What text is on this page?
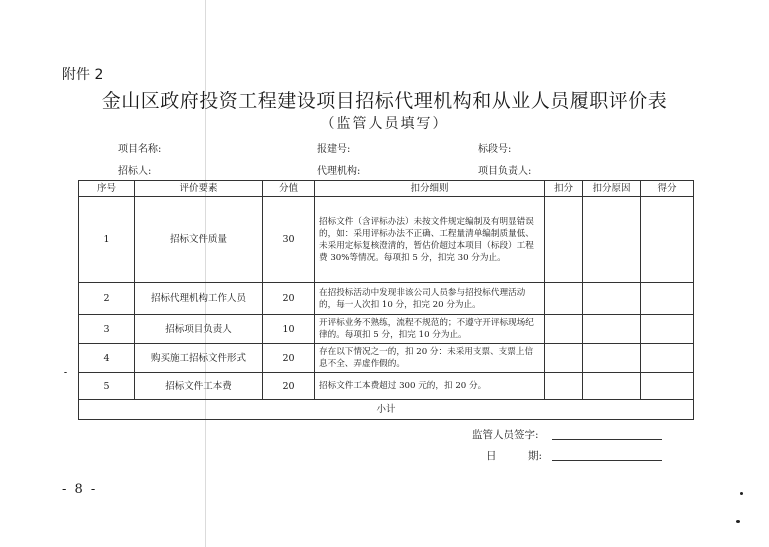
附件 2
金山区政府投资工程建设项目招标代理机构和从业人员履职评价表
（监管人员填写）
项目名称:	报建号:	标段号:
招标人:	代理机构:	项目负责人:
序号	评价要素	分值	扣分细则	扣分	扣分原因	得分
1	招标文件质量	30	招标文件（含评标办法）未按文件规定编制及有明显错误的，如：采用评标办法不正确、工程量清单编制质量低、未采用定标复核澄清的，暂估价超过本项目（标段）工程费 30%等情况。每项扣 5 分，扣完 30 分为止。			
2	招标代理机构工作人员	20	在招投标活动中发现非该公司人员参与招投标代理活动的，每一人次扣 10 分，扣完 20 分为止。			
3	招标项目负责人	10	开评标业务不熟练，流程不规范的；不遵守开评标现场纪律的。每项扣 5 分，扣完 10 分为止。			
4	购买施工招标文件形式	20	存在以下情况之一的，扣 20 分：未采用支票、支票上信息不全、弄虚作假的。			
5	招标文件工本费	20	招标文件工本费超过 300 元的，扣 20 分。			
小计						
监管人员签字:
日　　　期:
- 8 -
